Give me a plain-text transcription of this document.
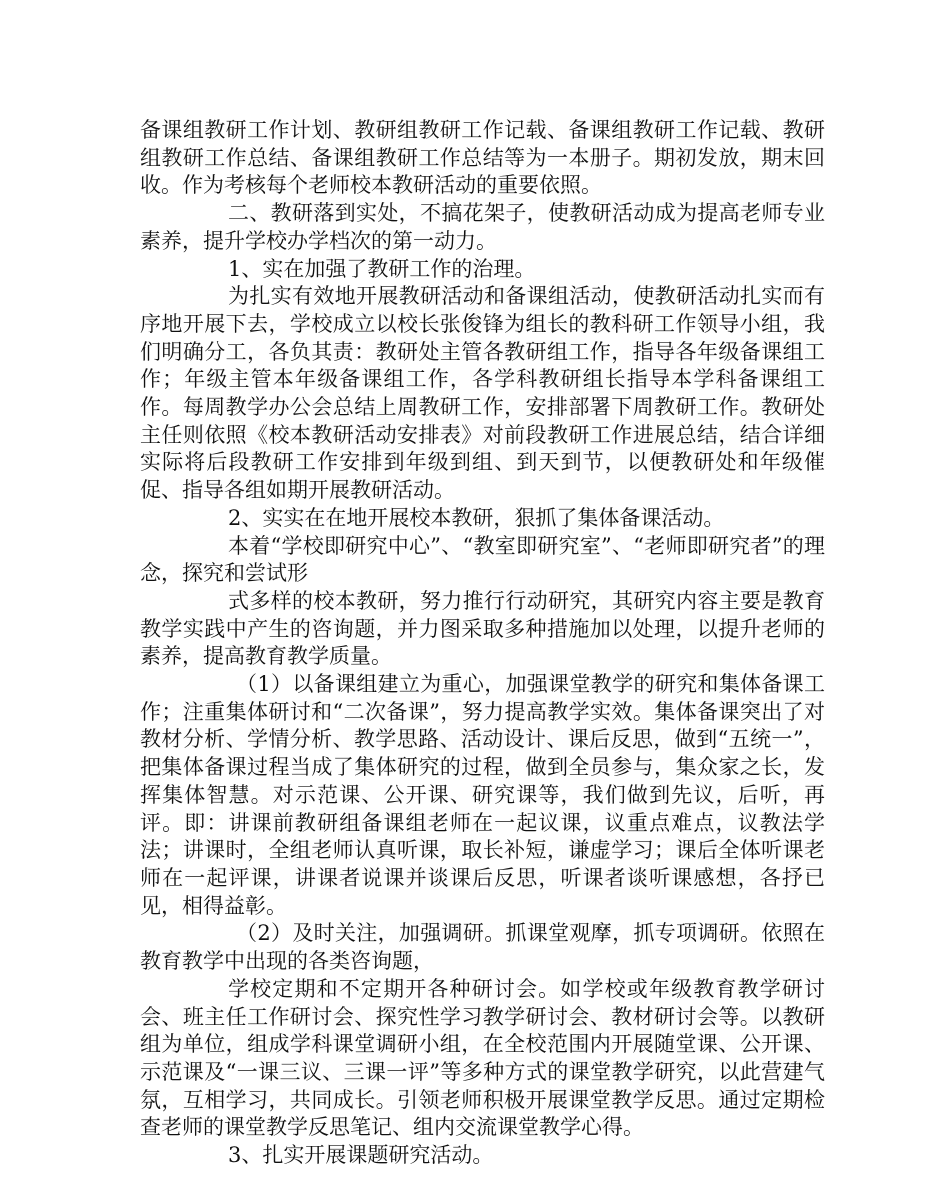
备课组教研工作计划、教研组教研工作记载、备课组教研工作记载、教研组教研工作总结、备课组教研工作总结等为一本册子。期初发放，期末回收。作为考核每个老师校本教研活动的重要依照。

二、教研落到实处，不搞花架子，使教研活动成为提高老师专业素养，提升学校办学档次的第一动力。

1、实在加强了教研工作的治理。

为扎实有效地开展教研活动和备课组活动，使教研活动扎实而有序地开展下去，学校成立以校长张俊锋为组长的教科研工作领导小组，我们明确分工，各负其责：教研处主管各教研组工作，指导各年级备课组工作；年级主管本年级备课组工作，各学科教研组长指导本学科备课组工作。每周教学办公会总结上周教研工作，安排部署下周教研工作。教研处主任则依照《校本教研活动安排表》对前段教研工作进展总结，结合详细实际将后段教研工作安排到年级到组、到天到节，以便教研处和年级催促、指导各组如期开展教研活动。

2、实实在在地开展校本教研，狠抓了集体备课活动。

本着“学校即研究中心”、“教室即研究室”、“老师即研究者”的理念，探究和尝试形

式多样的校本教研，努力推行行动研究，其研究内容主要是教育教学实践中产生的咨询题，并力图采取多种措施加以处理，以提升老师的素养，提高教育教学质量。

（1）以备课组建立为重心，加强课堂教学的研究和集体备课工作；注重集体研讨和“二次备课”，努力提高教学实效。集体备课突出了对教材分析、学情分析、教学思路、活动设计、课后反思，做到“五统一”，把集体备课过程当成了集体研究的过程，做到全员参与，集众家之长，发挥集体智慧。对示范课、公开课、研究课等，我们做到先议，后听，再评。即：讲课前教研组备课组老师在一起议课，议重点难点，议教法学法；讲课时，全组老师认真听课，取长补短，谦虚学习；课后全体听课老师在一起评课，讲课者说课并谈课后反思，听课者谈听课感想，各抒已见，相得益彰。

（2）及时关注，加强调研。抓课堂观摩，抓专项调研。依照在教育教学中出现的各类咨询题，

学校定期和不定期开各种研讨会。如学校或年级教育教学研讨会、班主任工作研讨会、探究性学习教学研讨会、教材研讨会等。以教研组为单位，组成学科课堂调研小组，在全校范围内开展随堂课、公开课、示范课及“一课三议、三课一评”等多种方式的课堂教学研究，以此营建气氛，互相学习，共同成长。引领老师积极开展课堂教学反思。通过定期检查老师的课堂教学反思笔记、组内交流课堂教学心得。

3、扎实开展课题研究活动。
